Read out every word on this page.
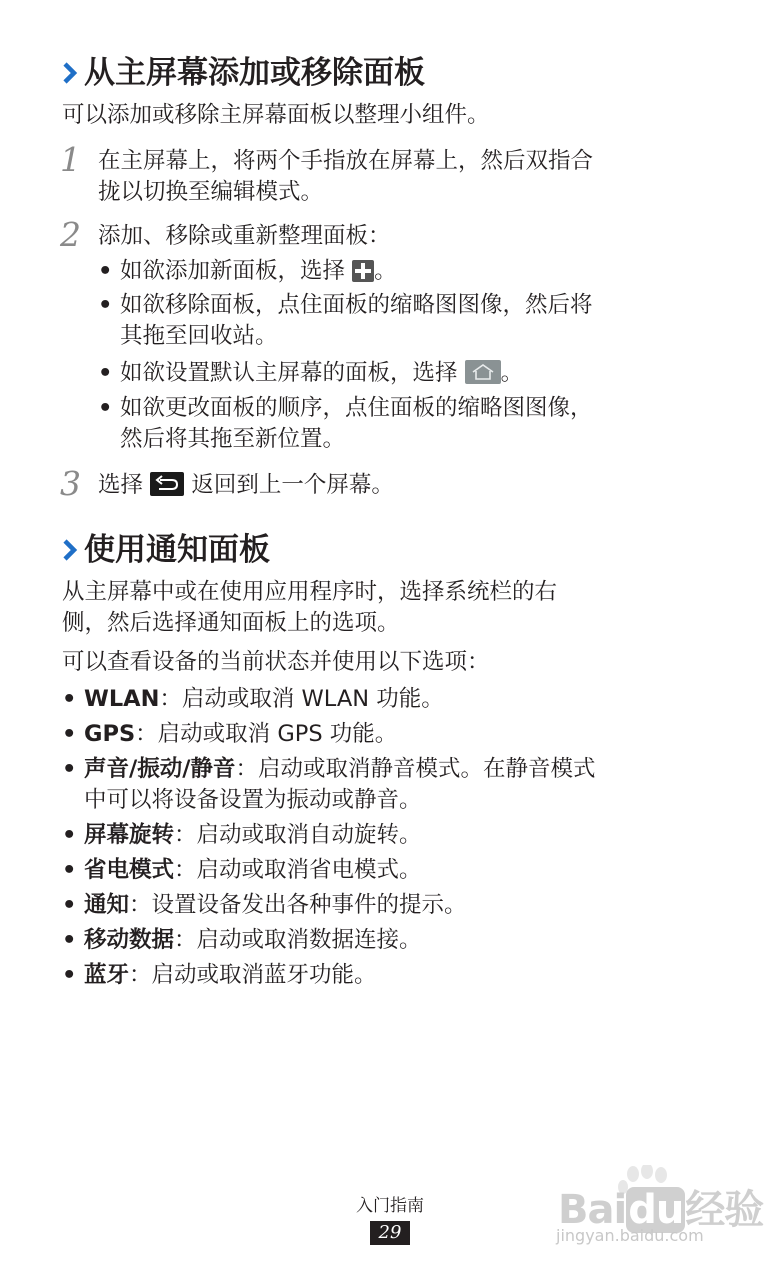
从主屏幕添加或移除面板
可以添加或移除主屏幕面板以整理小组件。
1 在主屏幕上，将两个手指放在屏幕上，然后双指合
拢以切换至编辑模式。
2 添加、移除或重新整理面板：
• 如欲添加新面板，选择 。
• 如欲移除面板，点住面板的缩略图图像，然后将
其拖至回收站。
• 如欲设置默认主屏幕的面板，选择 。
• 如欲更改面板的顺序，点住面板的缩略图图像，
然后将其拖至新位置。
3 选择 返回到上一个屏幕。
使用通知面板
从主屏幕中或在使用应用程序时，选择系统栏的右
侧，然后选择通知面板上的选项。
可以查看设备的当前状态并使用以下选项：
• WLAN：启动或取消 WLAN 功能。
• GPS：启动或取消 GPS 功能。
• 声音/振动/静音：启动或取消静音模式。在静音模式
中可以将设备设置为振动或静音。
• 屏幕旋转：启动或取消自动旋转。
• 省电模式：启动或取消省电模式。
• 通知：设置设备发出各种事件的提示。
• 移动数据：启动或取消数据连接。
• 蓝牙：启动或取消蓝牙功能。
入门指南
29	Baidu经验
jingyan.baidu.com
